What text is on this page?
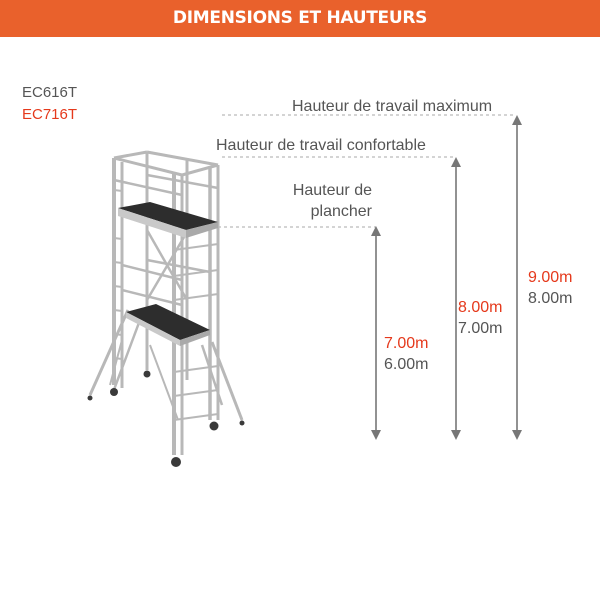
DIMENSIONS ET HAUTEURS
EC616T
EC716T	Hauteur de travail maximum
Hauteur de travail confortable
Hauteur de
plancher
7.00m
6.00m
8.00m
7.00m
9.00m
8.00m
